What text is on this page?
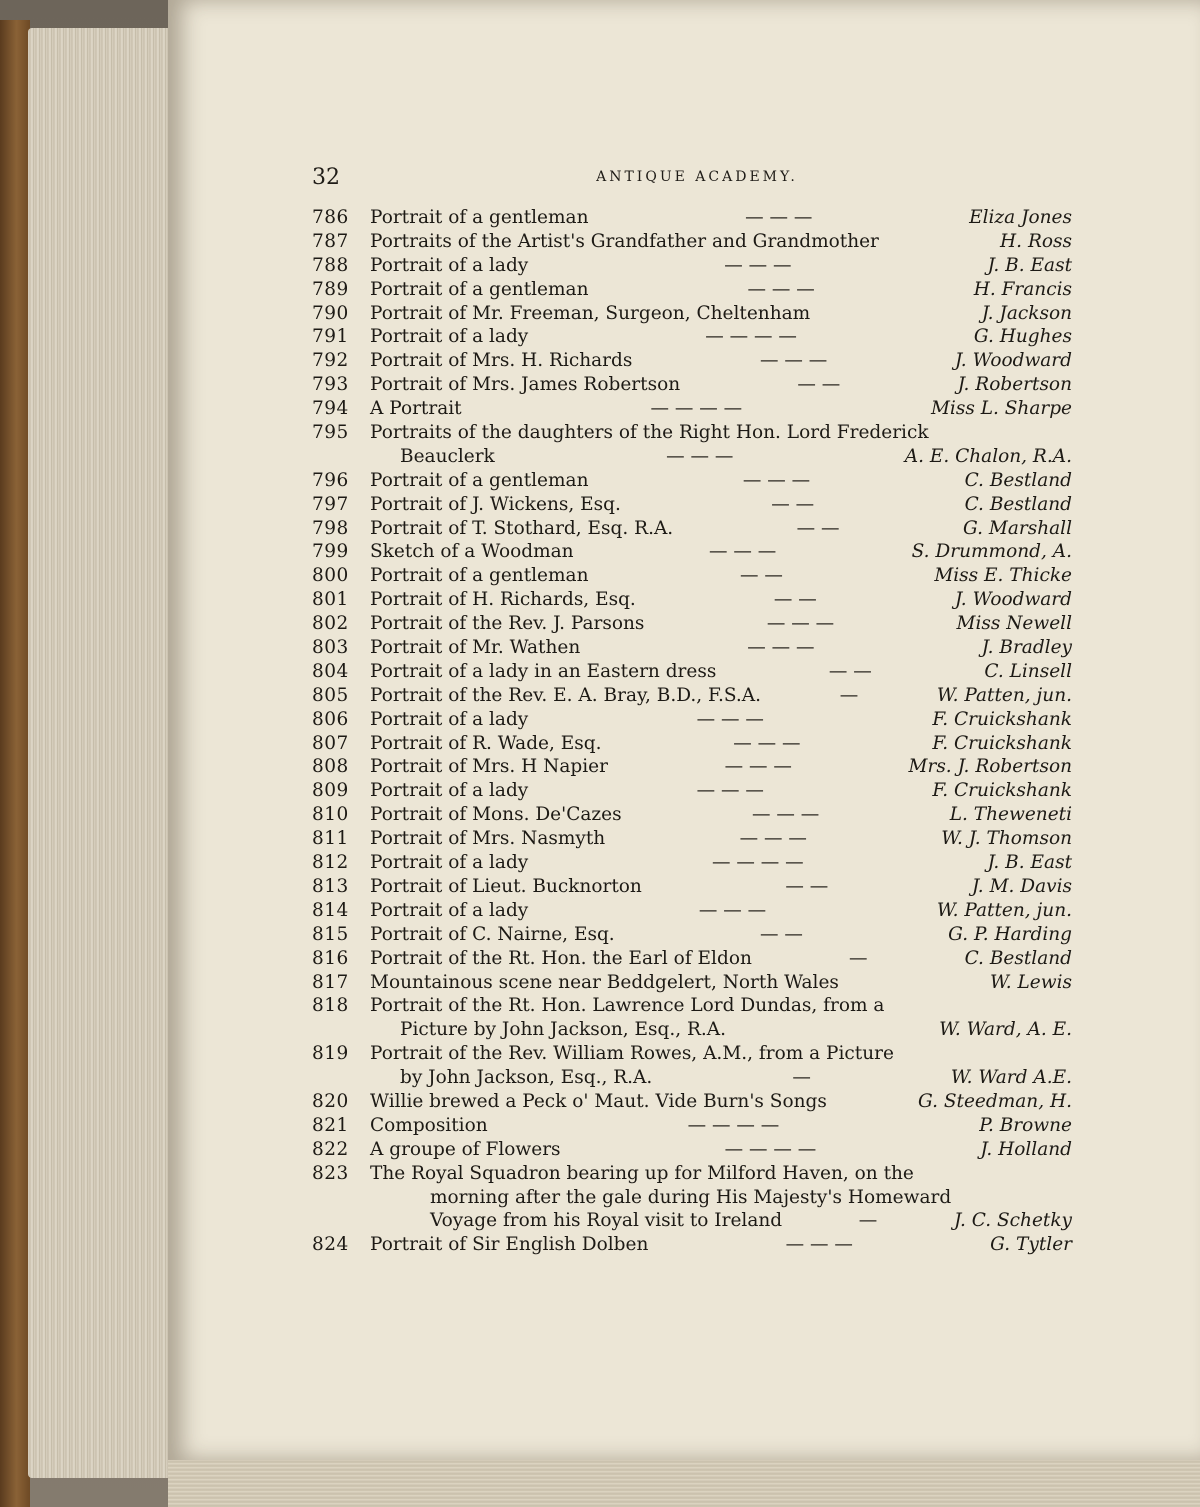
32	ANTIQUE ACADEMY.
786	Portrait of a gentleman	— — —	Eliza Jones
787	Portraits of the Artist's Grandfather and Grandmother	H. Ross
788	Portrait of a lady	— — —	J. B. East
789	Portrait of a gentleman	— — —	H. Francis
790	Portrait of Mr. Freeman, Surgeon, Cheltenham	J. Jackson
791	Portrait of a lady	— — — —	G. Hughes
792	Portrait of Mrs. H. Richards	— — —	J. Woodward
793	Portrait of Mrs. James Robertson	— —	J. Robertson
794	A Portrait	— — — —	Miss L. Sharpe
795	Portraits of the daughters of the Right Hon. Lord Frederick
Beauclerk	— — —	A. E. Chalon, R.A.
796	Portrait of a gentleman	— — —	C. Bestland
797	Portrait of J. Wickens, Esq.	— —	C. Bestland
798	Portrait of T. Stothard, Esq. R.A.	— —	G. Marshall
799	Sketch of a Woodman	— — —	S. Drummond, A.
800	Portrait of a gentleman	— —	Miss E. Thicke
801	Portrait of H. Richards, Esq.	— —	J. Woodward
802	Portrait of the Rev. J. Parsons	— — —	Miss Newell
803	Portrait of Mr. Wathen	— — —	J. Bradley
804	Portrait of a lady in an Eastern dress	— —	C. Linsell
805	Portrait of the Rev. E. A. Bray, B.D., F.S.A.	—	W. Patten, jun.
806	Portrait of a lady	— — —	F. Cruickshank
807	Portrait of R. Wade, Esq.	— — —	F. Cruickshank
808	Portrait of Mrs. H Napier	— — —	Mrs. J. Robertson
809	Portrait of a lady	— — —	F. Cruickshank
810	Portrait of Mons. De'Cazes	— — —	L. Theweneti
811	Portrait of Mrs. Nasmyth	— — —	W. J. Thomson
812	Portrait of a lady	— — — —	J. B. East
813	Portrait of Lieut. Bucknorton	— —	J. M. Davis
814	Portrait of a lady	— — —	W. Patten, jun.
815	Portrait of C. Nairne, Esq.	— —	G. P. Harding
816	Portrait of the Rt. Hon. the Earl of Eldon	—	C. Bestland
817	Mountainous scene near Beddgelert, North Wales	W. Lewis
818	Portrait of the Rt. Hon. Lawrence Lord Dundas, from a
Picture by John Jackson, Esq., R.A.	W. Ward, A. E.
819	Portrait of the Rev. William Rowes, A.M., from a Picture
by John Jackson, Esq., R.A.	—	W. Ward A.E.
820	Willie brewed a Peck o' Maut. Vide Burn's Songs	G. Steedman, H.
821	Composition	— — — —	P. Browne
822	A groupe of Flowers	— — — —	J. Holland
823	The Royal Squadron bearing up for Milford Haven, on the
morning after the gale during His Majesty's Homeward
Voyage from his Royal visit to Ireland	—	J. C. Schetky
824	Portrait of Sir English Dolben	— — —	G. Tytler
